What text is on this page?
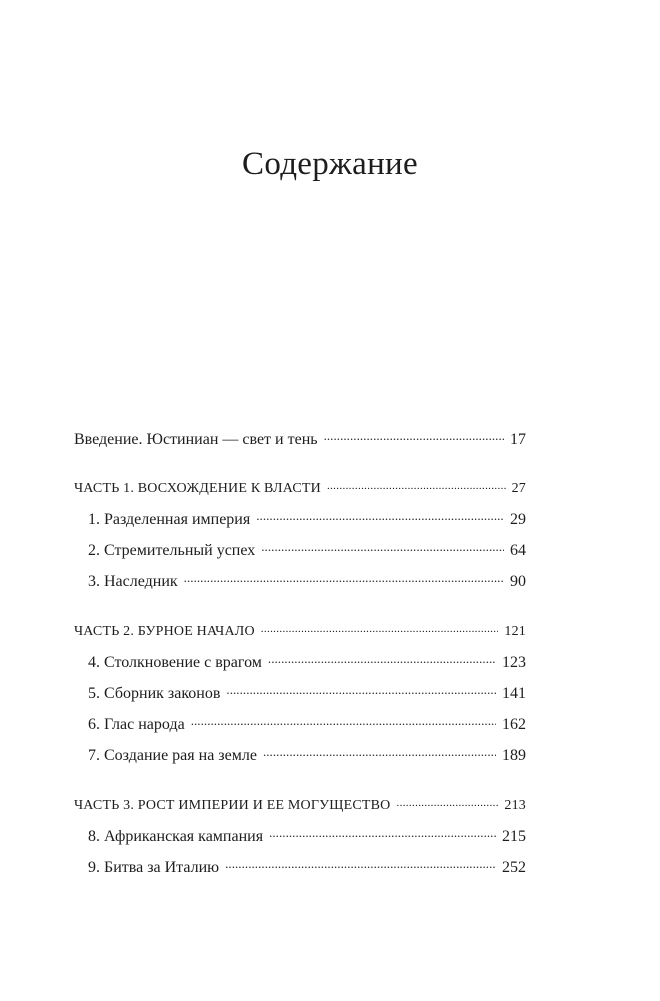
Содержание
Введение. Юстиниан — свет и тень . . .	17
ЧАСТЬ 1. ВОСХОЖДЕНИЕ К ВЛАСТИ . . .	27
1. Разделенная империя . . .	29
2. Стремительный успех . . .	64
3. Наследник . . .	90
ЧАСТЬ 2. БУРНОЕ НАЧАЛО . . .	121
4. Столкновение с врагом . . .	123
5. Сборник законов . . .	141
6. Глас народа . . .	162
7. Создание рая на земле . . .	189
ЧАСТЬ 3. РОСТ ИМПЕРИИ И ЕЕ МОГУЩЕСТВО . . .	213
8. Африканская кампания . . .	215
9. Битва за Италию . . .	252
